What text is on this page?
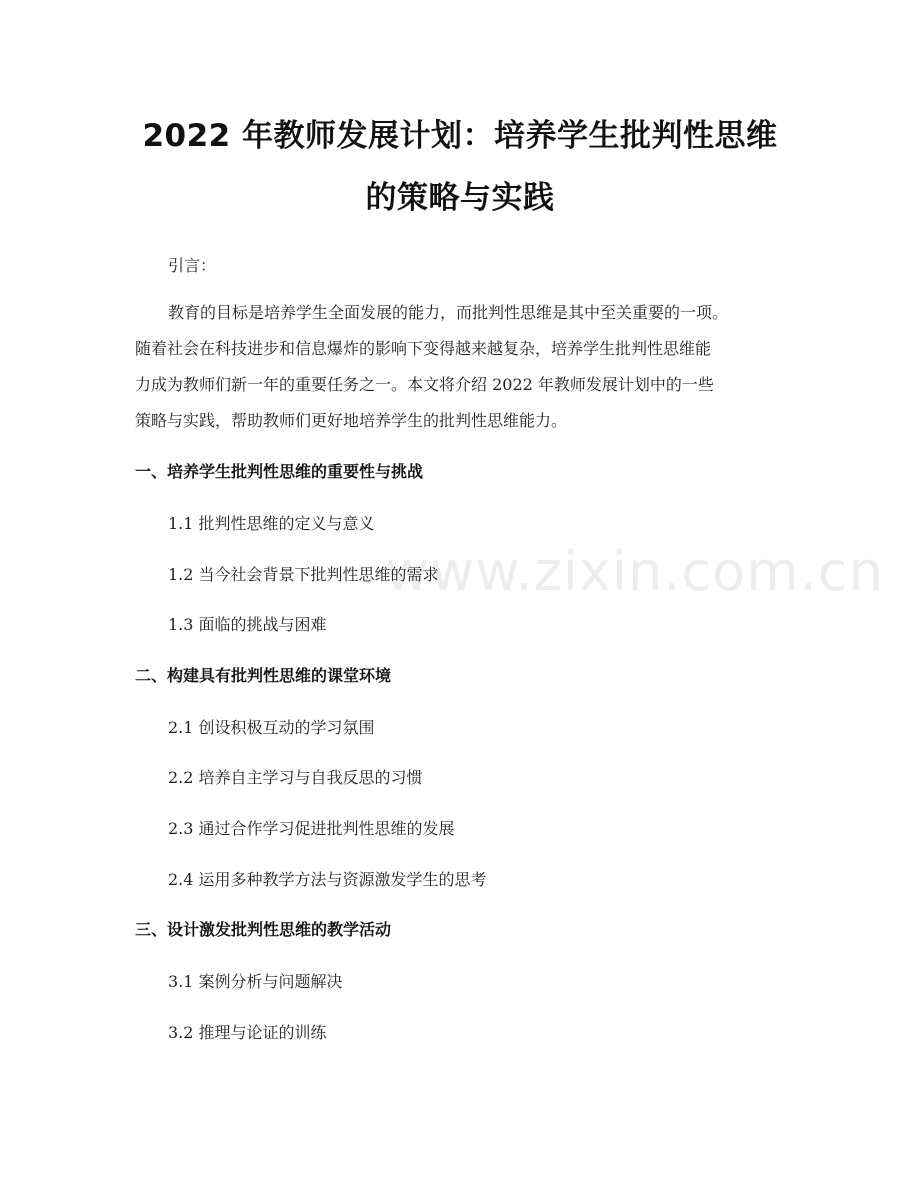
2022 年教师发展计划：培养学生批判性思维
的策略与实践
引言：
教育的目标是培养学生全面发展的能力，而批判性思维是其中至关重要的一项。
随着社会在科技进步和信息爆炸的影响下变得越来越复杂，培养学生批判性思维能
力成为教师们新一年的重要任务之一。本文将介绍 2022 年教师发展计划中的一些
策略与实践，帮助教师们更好地培养学生的批判性思维能力。
一、培养学生批判性思维的重要性与挑战
1.1 批判性思维的定义与意义
1.2 当今社会背景下批判性思维的需求
1.3 面临的挑战与困难
二、构建具有批判性思维的课堂环境
2.1 创设积极互动的学习氛围
2.2 培养自主学习与自我反思的习惯
2.3 通过合作学习促进批判性思维的发展
2.4 运用多种教学方法与资源激发学生的思考
三、设计激发批判性思维的教学活动
3.1 案例分析与问题解决
3.2 推理与论证的训练
www.zixin.com.cn
